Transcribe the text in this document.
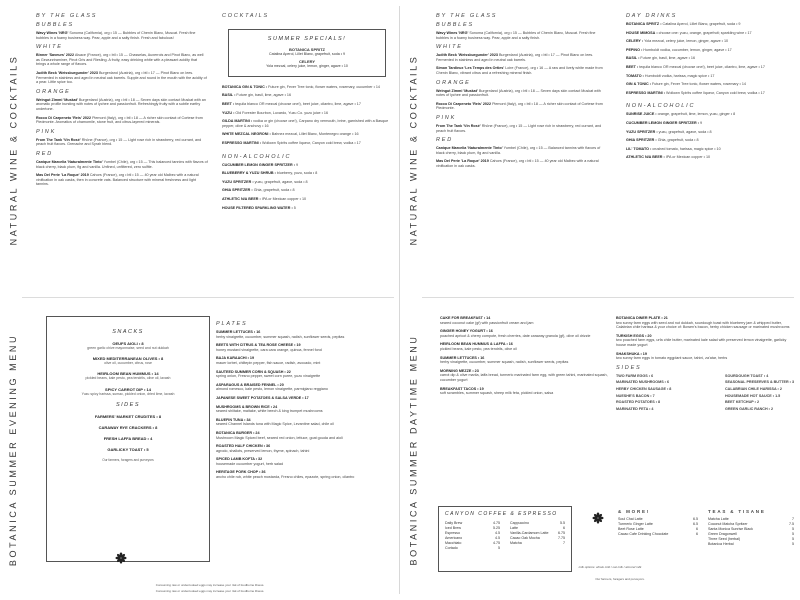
NATURAL WINE & COCKTAILS	NATURAL WINE & COCKTAILS
BOTANICA SUMMER EVENING MENU	BOTANICA SUMMER DAYTIME MENU
BY THE GLASS
BUBBLES
Wavy Wines 'NRG' Sonoma (California), org • 15 — Bubbles of Chenin Blanc, Muscat. Fresh fine bubbles in a foamy business way. Pear, apple and a salty finish. Fresh and fabulous!
WHITE
Binner 'Saveurs' 2022 Alsace (France), org • btl • 15 — Chasselas, Auxerrois and Pinot Blanc, as well as Gewurztraminer, Pinot Gris and Riesling. A fruity, easy drinking white with a pleasant acidity that brings a whole range of flavors.
Judith Beck 'Weissburgunder' 2023 Burgenland (Austria), org • btl • 17 — Pinot Blanc on lees. Fermented in stainless and aged in neutral oak barrels. Supple and round in the mouth with the acidity of a pear. Little spice too.
ORANGE
Weingut Zimmi 'Muskat' Burgenland (Austria), org • btl • 18 — Seven days skin contact Muskat with an aromatic profile bursting with notes of lychee and passionfruit. Refreshingly fruity with a subtle earthy undertone.
Rocco Di Carpeneto 'Reis' 2022 Piemont (Italy), org • btl • 18 — A richer skin contact of Cortese from Piedmonte. Aromatics of chamomile, stone fruit, and citrus-layered minerals.
PINK
From The Tank 'Vin Rosé' Rhône (France), org • 15 — Light rose rich in strawberry, red currant, and peach fruit flavors. Grenache and Syrah blend.
RED
Canique Marcelia 'Naturalmente Tinto' Yumbel (Chile), org • 15 — This balanced tannins with flavors of black cherry, black plum, fig and vanilla. Unfined, unfiltered, zero sulfite.
Mas Del Perie 'La Roque' 2019 Cahors (France), org • btl • 15 — 40 year old Malbec with a natural vinification in oak casks, then in concrete vats. Balanced structure with mineral freshness and light tannins.
COCKTAILS
SUMMER SPECIALS!
BOTANICA SPRITZ
Catalina Aperol, Lillet Blanc, grapefruit, soda • 9
CELERY
Yola mezcal, celery juice, lemon, ginger, agave • 10
BOTANICA GIN & TONIC • Future gin, Fever Tree tonic, flower waters, rosemary, cucumber • 14
BASIL • Future gin, basil, lime, agave • 16
BEET • tequila blanco OR mezcal (choose one!), beet juice, cilantro, lime, agave • 17
YUZU • Old Forester Bourbon, Luxardo, Yuzu Co. yuzu juice • 16
GILDA MARTINI • vodka or gin (choose one!), Carpano dry vermouth, brine, garnished with a Basque pepper, olive & anchovy • 16
WHITE MEZCAL NEGRONI • Bahnez mezcal, Lillet Blanc, Montenegro orange • 16
ESPRESSO MARTINI • Wollown Spirits coffee liqueur, Canyon cold brew, vodka • 17
NON-ALCOHOLIC
CUCUMBER LEMON GINGER SPRITZER • 9
BLUEBERRY & YUZU SHRUB • blueberry, yuzu, soda • 8
YUZU SPRITZER • yuzu, grapefruit, agave, soda • 8
GHIA SPRITZER • Ghia, grapefruit, soda • 8
ATHLETIC N/A BEER • IPA or Mexican copper • 10
HOUSE FILTERED SPARKLING WATER • 5
BY THE GLASS
BUBBLES
Wavy Wines 'NRG' Sonoma (California), org • 15 — Bubbles of Chenin Blanc, Muscat. Fresh fine bubbles in a foamy business way. Pear, apple and a salty finish.
WHITE
Judith Beck 'Weissburgunder' 2023 Burgenland (Austria), org • btl • 17 — Pinot Blanc on lees. Fermented in stainless and aged in neutral oak barrels.
Simon Tardieux 'Les Temps des Orties' Loire (France), org • 16 — A raw and lively white made from Chenin Blanc, vibrant citrus and a refreshing mineral finish.
ORANGE
Weingut Zimmi 'Muskat' Burgenland (Austria), org • btl • 18 — Seven days skin contact Muskat with notes of lychee and passionfruit.
Rocco Di Carpeneto 'Reis' 2022 Piemont (Italy), org • btl • 18 — A richer skin contact of Cortese from Piedmonte.
PINK
From The Tank 'Vin Rosé' Rhône (France), org • 15 — Light rose rich in strawberry, red currant, and peach fruit flavors.
RED
Canique Marcelia 'Naturalmente Tinto' Yumbel (Chile), org • 15 — Balanced tannins with flavors of black cherry, black plum, fig and vanilla.
Mas Del Perie 'La Roque' 2019 Cahors (France), org • btl • 15 — 40 year old Malbec with a natural vinification in oak casks.
DAY DRINKS
BOTANICA SPRITZ • Catalina Aperol, Lillet Blanc, grapefruit, soda • 9
HOUSE MIMOSA • choose one: yuzu, orange, grapefruit; sparkling wine • 17
CELERY • Yola mezcal, celery juice, lemon, ginger, agave • 10
PEPINO • Humboldt vodka, cucumber, lemon, ginger, agave • 17
BASIL • Future gin, basil, lime, agave • 16
BEET • tequila blanco OR mezcal (choose one!), beet juice, cilantro, lime, agave • 17
TOMATO • Humboldt vodka, harissa, magic spice • 17
GIN & TONIC • Future gin, Fever Tree tonic, flower waters, rosemary • 14
ESPRESSO MARTINI • Wollown Spirits coffee liqueur, Canyon cold brew, vodka • 17
NON-ALCOHOLIC
SUNRISE JUICE • orange, grapefruit, lime, lemon, yuzu, ginger • 8
CUCUMBER LEMON GINGER SPRITZER • 9
YUZU SPRITZER • yuzu, grapefruit, agave, soda • 8
GHIA SPRITZER • Ghia, grapefruit, soda • 8
LIL' TOMATO • crushed tomato, harissa, magic spice • 10
ATHLETIC N/A BEER • IPA or Mexican copper • 10
SNACKS
OEUFS AIOLI • 8
green garlic chive mayonnaise, seed and nut dukkah
MIXED MEDITERRANEAN OLIVES • 8
olive oil, cucumber, citrus, rose
HEIRLOOM BEAN HUMMUS • 14
pickled beans, kale pesto, pea tendrils, olive oil, lavash
SPICY CARROT DIP • 14
Yuzu spicy harissa, sumac, pickled onion, dried lime, lavash
SIDES
FARMERS' MARKET CRUDITES • 8
CARAWAY RYE CRACKERS • 8
FRESH LAFFA BREAD • 4
GARLICKY TOAST • 5
Our farmers, foragers and purveyors
PLATES
SUMMER LETTUCES • 16
herby vinaigrette, cucumber, summer squash, radish, sunflower seeds, pepitas
BEETS WITH CITRUS & TEA ROSE CHEESE • 19
honey mustard vinaigrette, cara cara orange, quinoa, fennel fond
BAJA KARAACHI • 19
mauer lorbet, chiltepin pepper, fish sauce, radish, avocado, mint
SAUTEED SUMMER CORN & SQUASH • 22
spring onion, Fresno pepper, sweet corn puree, yuzu vinaigrette
ASPARAGUS & BRAISED FENNEL • 20
almond romesco, kale pesto, lemon vinaigrette, parmigiano reggiano
JAPANESE SWEET POTATOES & SALSA VERDE • 17
MUSHROOMS & BROWN RICE • 24
seared shiitake, maitake, white beech & king trumpet mushrooms
BLUEFIN TUNA • 34
seared Channel Islands tuna with Magic Spice, Levantine salad, chile oil
BOTANICA BURGER • 24
Mushroom Magic Spiced beef, seared red onion, lettuce, goat gouda and aioli
ROASTED HALF CHICKEN • 36
agrodo, shallots, preserved lemon, thyme, spinach, tahini
SPICED LAMB KOFTA • 32
housemade cucumber yogurt, herb salad
HERITAGE PORK CHOP • 36
ancho chile rub, white peach mostarda, Fresno chiles, epazote, spring onion, cilantro
Consuming raw or undercooked eggs may increase your risk of foodborne illness.
CAKE FOR BREAKFAST • 14
seared coconut cake (gf) with passionfruit cream and jam
GINGER HONEY YOGURT • 16
poached apricot & cherry compote, fresh cherries, date caraway granola (gf), olive oil drizzle
HEIRLOOM BEAN HUMMUS & LAFFA • 16
pickled beans, kale pesto, pea tendrils, olive oil
SUMMER LETTUCES • 16
herby vinaigrette, cucumber, summer squash, radish, sunflower seeds, pepitas
MORNING MEZZE • 23
carrot dip & olive marila, laffa bread, turmeric marinated farm egg, with green tahini, marinated squash, cucumber yogurt
BREAKFAST TACOS • 19
soft scrambles, summer squash, sheep milk feta, pickled onion, salsa
BOTANICA DINER PLATE • 21
two sunny farm eggs with seed and nut dukkah, sourdough toast with blueberry jam & whipped butter, Calabrian chile harissa & your choice of: Bowen's bacon, herby chicken sausage or marinated mushrooms
TURKISH EGGS • 20
two poached farm eggs, urfa chile butter, marinated kale salad with preserved lemon vinaigrette, garlicky house made yogurt
SHAKSHUKA • 19
two sunny farm eggs in tomato eggplant sauce, tahini, za'atar, herbs
SIDES
TWO FARM EGGS • 6
MARINATED MUSHROOMS • 6
HERBY CHICKEN SAUSAGE • 8
NUESHE'S BACON • 7
ROASTED POTATOES • 8
MARINATED FETA • 4
SOURDOUGH TOAST • 4
SEASONAL PRESERVES & BUTTER • 3
CALABRIAN CHILE HARISSA • 2
HOUSEMADE HOT SAUCE • 1.5
BEET KETCHUP • 2
GREEN GARLIC RANCH • 2
CANYON COFFEE & ESPRESSO
Daily Brew	4.75
Iced Brew	5.25
Espresso	4.5
Americano	4.5
Macchiato	4.75
Cortado	5
Cappuccino	5.5
Latte	6
Vanilla-Cardamom Latte	6.75
Cacao Oak Mocha	7.75
Matcha	7
milk options: whole milk / oat milk / almond milk
& MORE!
Soul Chai Latte	6.5
Turmeric Ginger Latte	6.5
Beet Rose Latte	6
Cacao Cafe Drinking Chocolate	6
TEAS & TISANE
Matcha Latte	7
Coconut Matcha Spritzer	7.5
Santa Monica Sunrise Black	5
Green Dragonwell	5
Three Seed (herbal)	5
Botanica Herbal	5
Our farmers, foragers and purveyors.
Consuming raw or undercooked eggs may increase your risk of foodborne illness.
